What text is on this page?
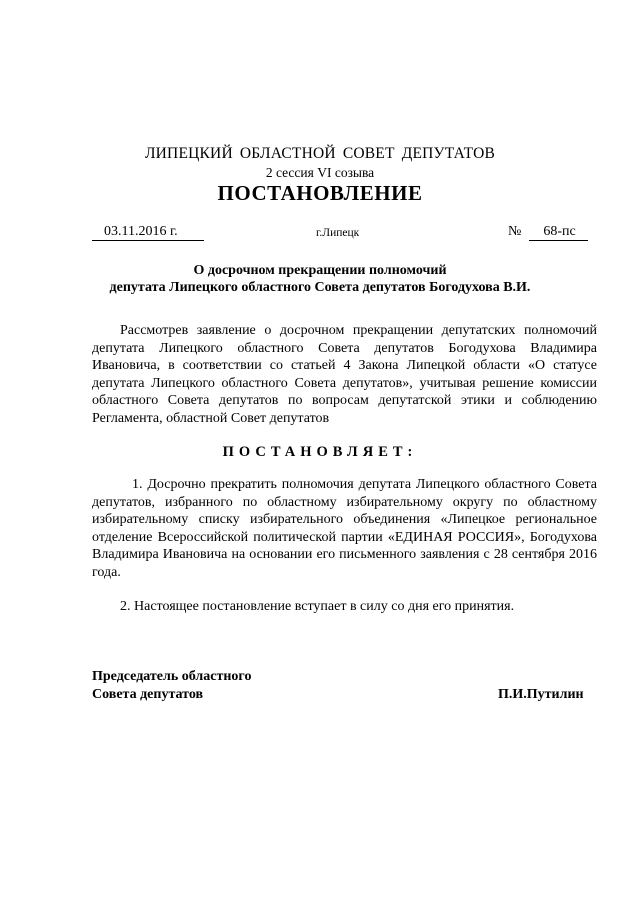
ЛИПЕЦКИЙ ОБЛАСТНОЙ СОВЕТ ДЕПУТАТОВ
2 сессия VI созыва
ПОСТАНОВЛЕНИЕ
03.11.2016 г.	г.Липецк	№ 68-пс
О досрочном прекращении полномочий
депутата Липецкого областного Совета депутатов Богодухова В.И.

Рассмотрев заявление о досрочном прекращении депутатских полномочий депутата Липецкого областного Совета депутатов Богодухова Владимира Ивановича, в соответствии со статьей 4 Закона Липецкой области «О статусе депутата Липецкого областного Совета депутатов», учитывая решение комиссии областного Совета депутатов по вопросам депутатской этики и соблюдению Регламента, областной Совет депутатов

ПОСТАНОВЛЯЕТ:

1. Досрочно прекратить полномочия депутата Липецкого областного Совета депутатов, избранного по областному избирательному округу по областному избирательному списку избирательного объединения «Липецкое региональное отделение Всероссийской политической партии «ЕДИНАЯ РОССИЯ», Богодухова Владимира Ивановича на основании его письменного заявления с 28 сентября 2016 года.

2. Настоящее постановление вступает в силу со дня его принятия.

Председатель областного
Совета депутатов	П.И.Путилин
